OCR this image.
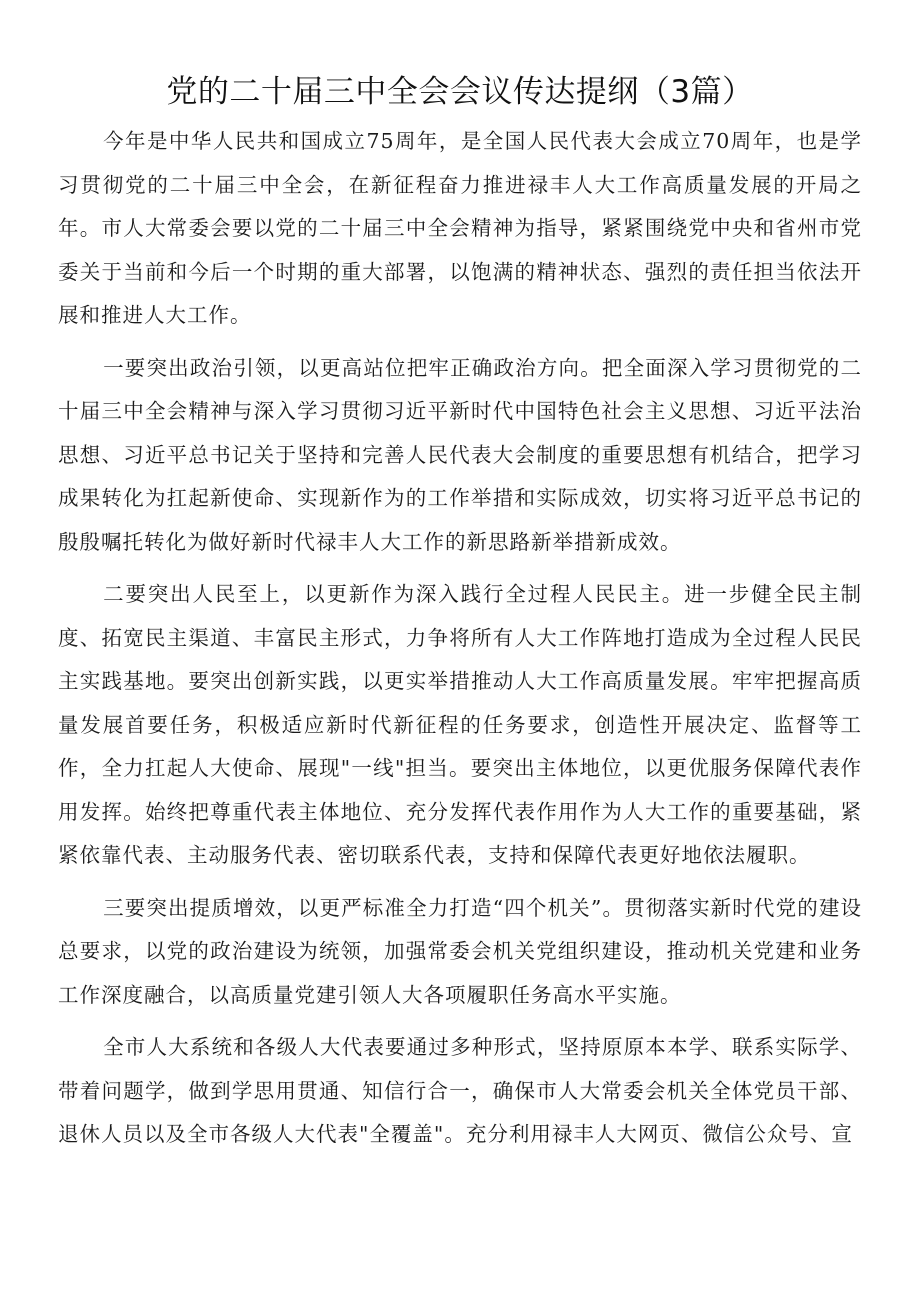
党的二十届三中全会会议传达提纲（3篇）

今年是中华人民共和国成立75周年，是全国人民代表大会成立70周年，也是学习贯彻党的二十届三中全会，在新征程奋力推进禄丰人大工作高质量发展的开局之年。市人大常委会要以党的二十届三中全会精神为指导，紧紧围绕党中央和省州市党委关于当前和今后一个时期的重大部署，以饱满的精神状态、强烈的责任担当依法开展和推进人大工作。

一要突出政治引领，以更高站位把牢正确政治方向。把全面深入学习贯彻党的二十届三中全会精神与深入学习贯彻习近平新时代中国特色社会主义思想、习近平法治思想、习近平总书记关于坚持和完善人民代表大会制度的重要思想有机结合，把学习成果转化为扛起新使命、实现新作为的工作举措和实际成效，切实将习近平总书记的殷殷嘱托转化为做好新时代禄丰人大工作的新思路新举措新成效。

二要突出人民至上，以更新作为深入践行全过程人民民主。进一步健全民主制度、拓宽民主渠道、丰富民主形式，力争将所有人大工作阵地打造成为全过程人民民主实践基地。要突出创新实践，以更实举措推动人大工作高质量发展。牢牢把握高质量发展首要任务，积极适应新时代新征程的任务要求，创造性开展决定、监督等工作，全力扛起人大使命、展现"一线"担当。要突出主体地位，以更优服务保障代表作用发挥。始终把尊重代表主体地位、充分发挥代表作用作为人大工作的重要基础，紧紧依靠代表、主动服务代表、密切联系代表，支持和保障代表更好地依法履职。

三要突出提质增效，以更严标准全力打造“四个机关”。贯彻落实新时代党的建设总要求，以党的政治建设为统领，加强常委会机关党组织建设，推动机关党建和业务工作深度融合，以高质量党建引领人大各项履职任务高水平实施。

全市人大系统和各级人大代表要通过多种形式，坚持原原本本学、联系实际学、带着问题学，做到学思用贯通、知信行合一，确保市人大常委会机关全体党员干部、退休人员以及全市各级人大代表"全覆盖"。充分利用禄丰人大网页、微信公众号、宣
